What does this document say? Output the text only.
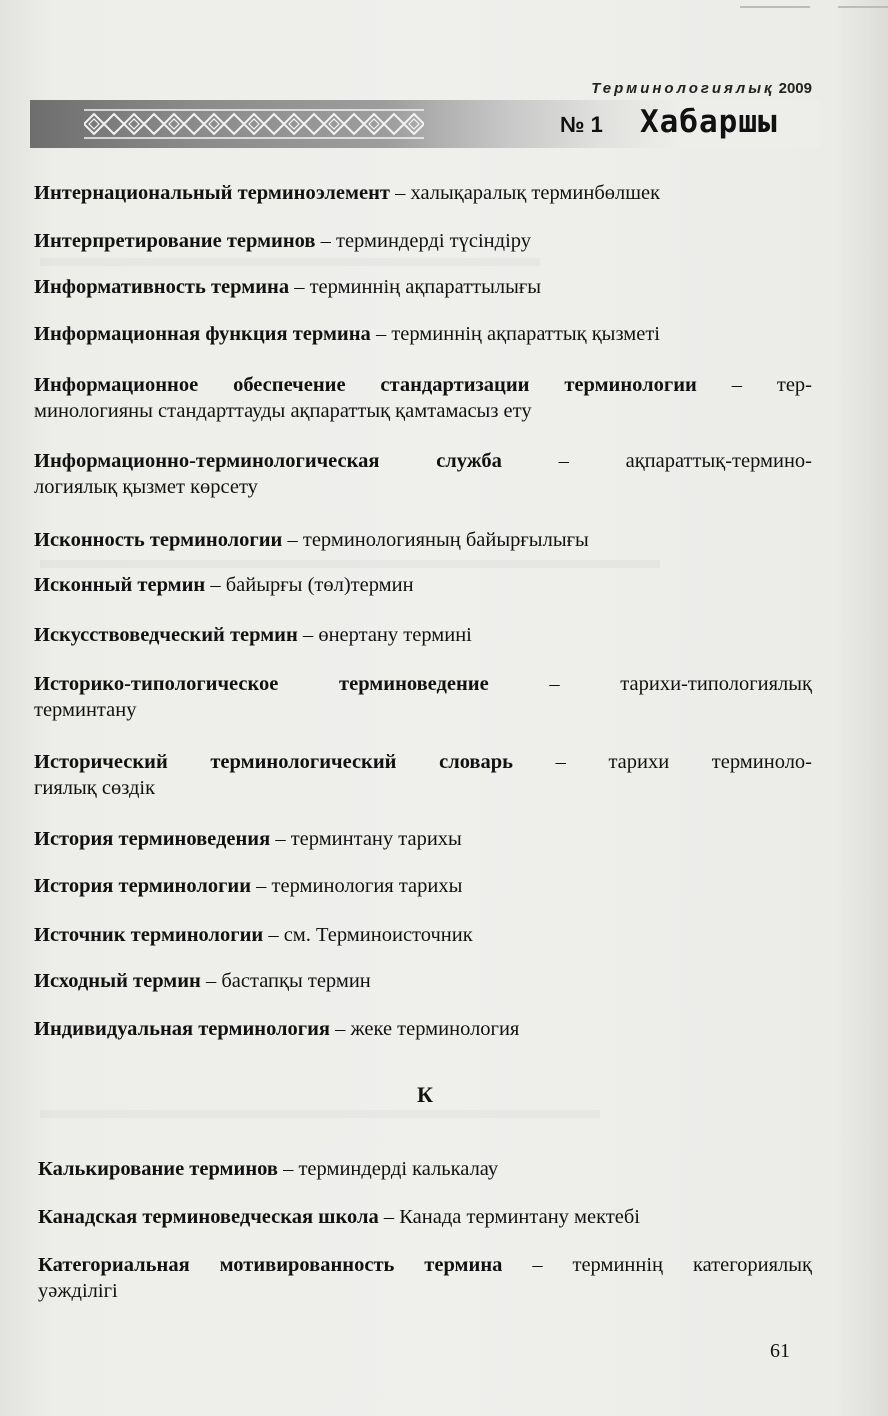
Терминологиялық 2009
№ 1 Хабаршы
Интернациональный терминоэлемент – халықаралық терминбөлшек
Интерпретирование терминов – терминдерді түсіндіру
Информативность термина – терминнің ақпараттылығы
Информационная функция термина – терминнің ақпараттық қызметі
Информационное обеспечение стандартизации терминологии – тер-
минологияны стандарттауды ақпараттық қамтамасыз ету
Информационно-терминологическая служба – ақпараттық-термино-
логиялық қызмет көрсету
Исконность терминологии – терминологияның байырғылығы
Исконный термин – байырғы (төл)термин
Искусствоведческий термин – өнертану термині
Историко-типологическое терминоведение – тарихи-типологиялық
терминтану
Исторический терминологический словарь – тарихи терминоло-
гиялық сөздік
История терминоведения – терминтану тарихы
История терминологии – терминология тарихы
Источник терминологии – см. Терминоисточник
Исходный термин – бастапқы термин
Индивидуальная терминология – жеке терминология
К
Калькирование терминов – терминдерді калькалау
Канадская терминоведческая школа – Канада терминтану мектебі
Категориальная мотивированность термина – терминнің категориялық
уәжділігі
61
